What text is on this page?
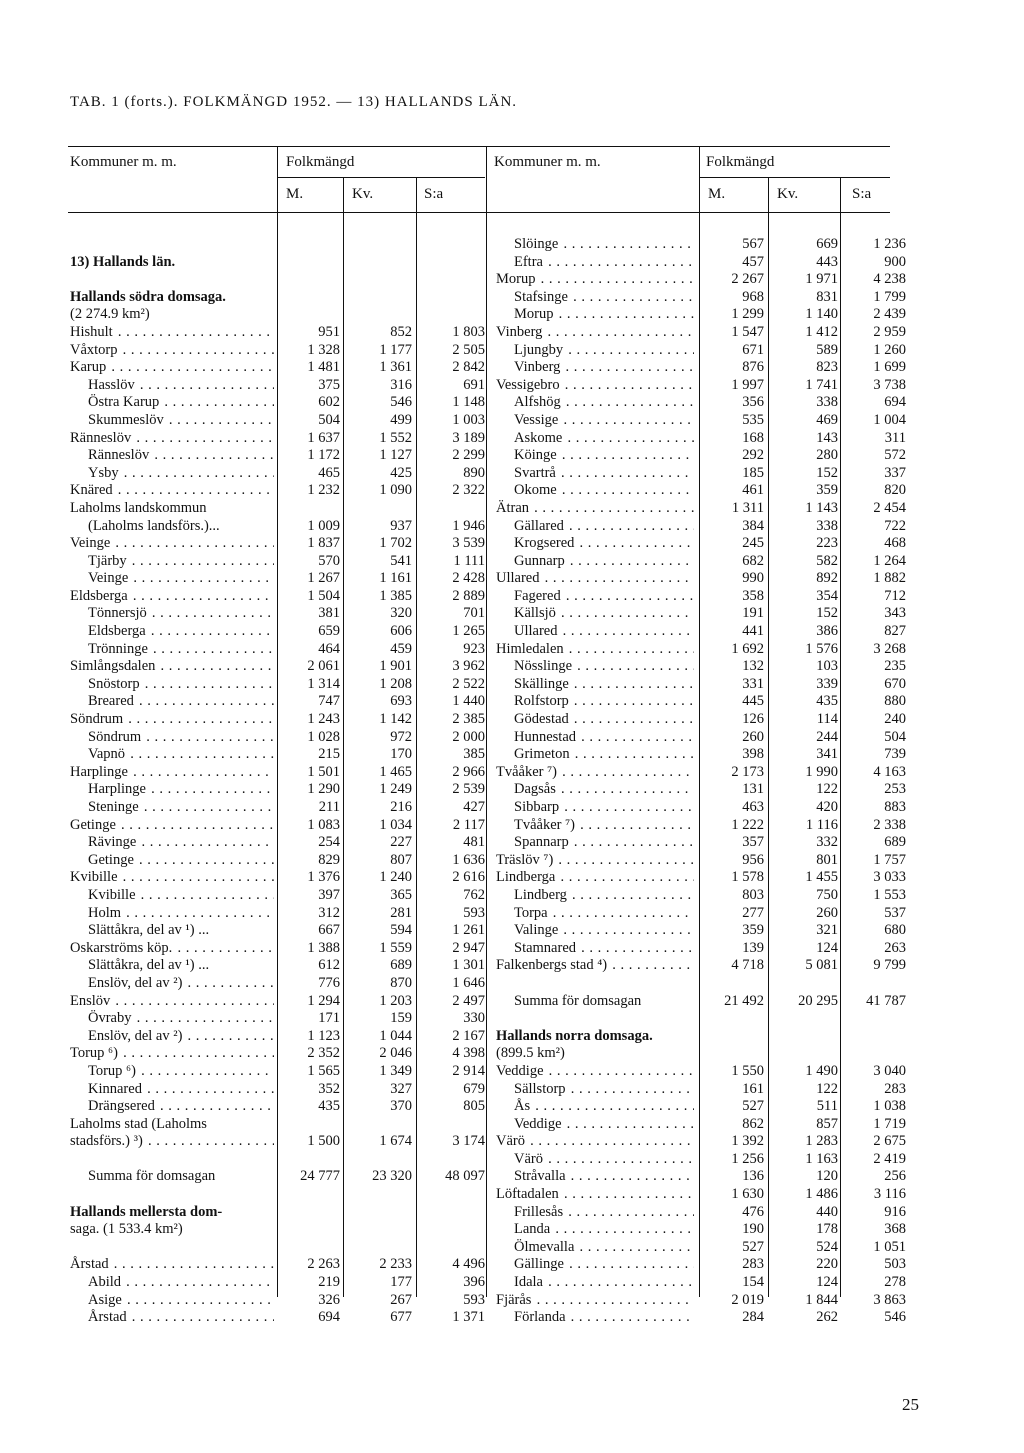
TAB. 1 (forts.). FOLKMÄNGD 1952. — 13) HALLANDS LÄN.
Kommuner m. m.	Folkmängd	Kommuner m. m.	Folkmängd
M.	Kv.	S:a	M.	Kv.	S:a
13) Hallands län.
Hallands södra domsaga.
(2 274.9 km²)
Hishult . . .	951	852	1 803
Våxtorp . . .	1 328	1 177	2 505
Karup . . .	1 481	1 361	2 842
Hasslöv . . .	375	316	691
Östra Karup . . .	602	546	1 148
Skummeslöv . . .	504	499	1 003
Ränneslöv . . .	1 637	1 552	3 189
Ränneslöv . . .	1 172	1 127	2 299
Ysby . . .	465	425	890
Knäred . . .	1 232	1 090	2 322
Laholms landskommun
(Laholms landsförs.)...	1 009	937	1 946
Veinge . . .	1 837	1 702	3 539
Tjärby . . .	570	541	1 111
Veinge . . .	1 267	1 161	2 428
Eldsberga . . .	1 504	1 385	2 889
Tönnersjö . . .	381	320	701
Eldsberga . . .	659	606	1 265
Trönninge . . .	464	459	923
Simlångsdalen . . .	2 061	1 901	3 962
Snöstorp . . .	1 314	1 208	2 522
Breared . . .	747	693	1 440
Söndrum . . .	1 243	1 142	2 385
Söndrum . . .	1 028	972	2 000
Vapnö . . .	215	170	385
Harplinge . . .	1 501	1 465	2 966
Harplinge . . .	1 290	1 249	2 539
Steninge . . .	211	216	427
Getinge . . .	1 083	1 034	2 117
Rävinge . . .	254	227	481
Getinge . . .	829	807	1 636
Kvibille . . .	1 376	1 240	2 616
Kvibille . . .	397	365	762
Holm . . .	312	281	593
Slättåkra, del av ¹) ...	667	594	1 261
Oskarströms köp. . . .	1 388	1 559	2 947
Slättåkra, del av ¹) ...	612	689	1 301
Enslöv, del av ²) . . .	776	870	1 646
Enslöv . . .	1 294	1 203	2 497
Övraby . . .	171	159	330
Enslöv, del av ²) . . .	1 123	1 044	2 167
Torup ⁶) . . .	2 352	2 046	4 398
Torup ⁶) . . .	1 565	1 349	2 914
Kinnared . . .	352	327	679
Drängsered . . .	435	370	805
Laholms stad (Laholms
stadsförs.) ³) . . .	1 500	1 674	3 174
Summa för domsagan	24 777	23 320	48 097
Hallands mellersta dom-
saga. (1 533.4 km²)
Årstad . . .	2 263	2 233	4 496
Abild . . .	219	177	396
Asige . . .	326	267	593
Årstad . . .	694	677	1 371
Slöinge . . .	567	669	1 236
Eftra . . .	457	443	900
Morup . . .	2 267	1 971	4 238
Stafsinge . . .	968	831	1 799
Morup . . .	1 299	1 140	2 439
Vinberg . . .	1 547	1 412	2 959
Ljungby . . .	671	589	1 260
Vinberg . . .	876	823	1 699
Vessigebro . . .	1 997	1 741	3 738
Alfshög . . .	356	338	694
Vessige . . .	535	469	1 004
Askome . . .	168	143	311
Köinge . . .	292	280	572
Svartrå . . .	185	152	337
Okome . . .	461	359	820
Ätran . . .	1 311	1 143	2 454
Gällared . . .	384	338	722
Krogsered . . .	245	223	468
Gunnarp . . .	682	582	1 264
Ullared . . .	990	892	1 882
Fagered . . .	358	354	712
Källsjö . . .	191	152	343
Ullared . . .	441	386	827
Himledalen . . .	1 692	1 576	3 268
Nösslinge . . .	132	103	235
Skällinge . . .	331	339	670
Rolfstorp . . .	445	435	880
Gödestad . . .	126	114	240
Hunnestad . . .	260	244	504
Grimeton . . .	398	341	739
Tvååker ⁷) . . .	2 173	1 990	4 163
Dagsås . . .	131	122	253
Sibbarp . . .	463	420	883
Tvååker ⁷) . . .	1 222	1 116	2 338
Spannarp . . .	357	332	689
Träslöv ⁷) . . .	956	801	1 757
Lindberga . . .	1 578	1 455	3 033
Lindberg . . .	803	750	1 553
Torpa . . .	277	260	537
Valinge . . .	359	321	680
Stamnared . . .	139	124	263
Falkenbergs stad ⁴) . . .	4 718	5 081	9 799
Summa för domsagan	21 492	20 295	41 787
Hallands norra domsaga.
(899.5 km²)
Veddige . . .	1 550	1 490	3 040
Sällstorp . . .	161	122	283
Ås . . .	527	511	1 038
Veddige . . .	862	857	1 719
Värö . . .	1 392	1 283	2 675
Värö . . .	1 256	1 163	2 419
Stråvalla . . .	136	120	256
Löftadalen . . .	1 630	1 486	3 116
Frillesås . . .	476	440	916
Landa . . .	190	178	368
Ölmevalla . . .	527	524	1 051
Gällinge . . .	283	220	503
Idala . . .	154	124	278
Fjärås . . .	2 019	1 844	3 863
Förlanda . . .	284	262	546
25
